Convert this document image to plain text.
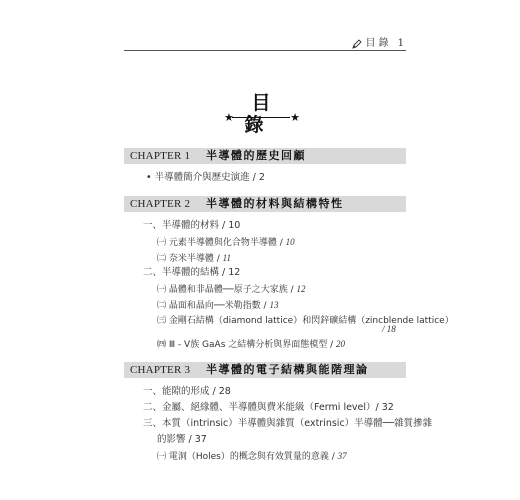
目 錄 1
目錄
★	★
CHAPTER 1 半導體的歷史回顧
• 半導體簡介與歷史演進 / 2
CHAPTER 2 半導體的材料與結構特性
一、半導體的材料 / 10
㈠ 元素半導體與化合物半導體 / 10
㈡ 奈米半導體 / 11
二、半導體的結構 / 12
㈠ 晶體和非晶體──原子之大家族 / 12
㈡ 晶面和晶向──米勒指數 / 13
㈢ 金剛石結構（diamond lattice）和閃鋅礦結構（zincblende lattice）
/ 18
㈣ Ⅲ - Ⅴ族 GaAs 之結構分析與界面態模型 / 20
CHAPTER 3 半導體的電子結構與能階理論
一、能隙的形成 / 28
二、金屬、絕緣體、半導體與費米能級（Fermi level）/ 32
三、本質（intrinsic）半導體與雜質（extrinsic）半導體──雜質摻雜
的影響 / 37
㈠ 電洞（Holes）的概念與有效質量的意義 / 37
